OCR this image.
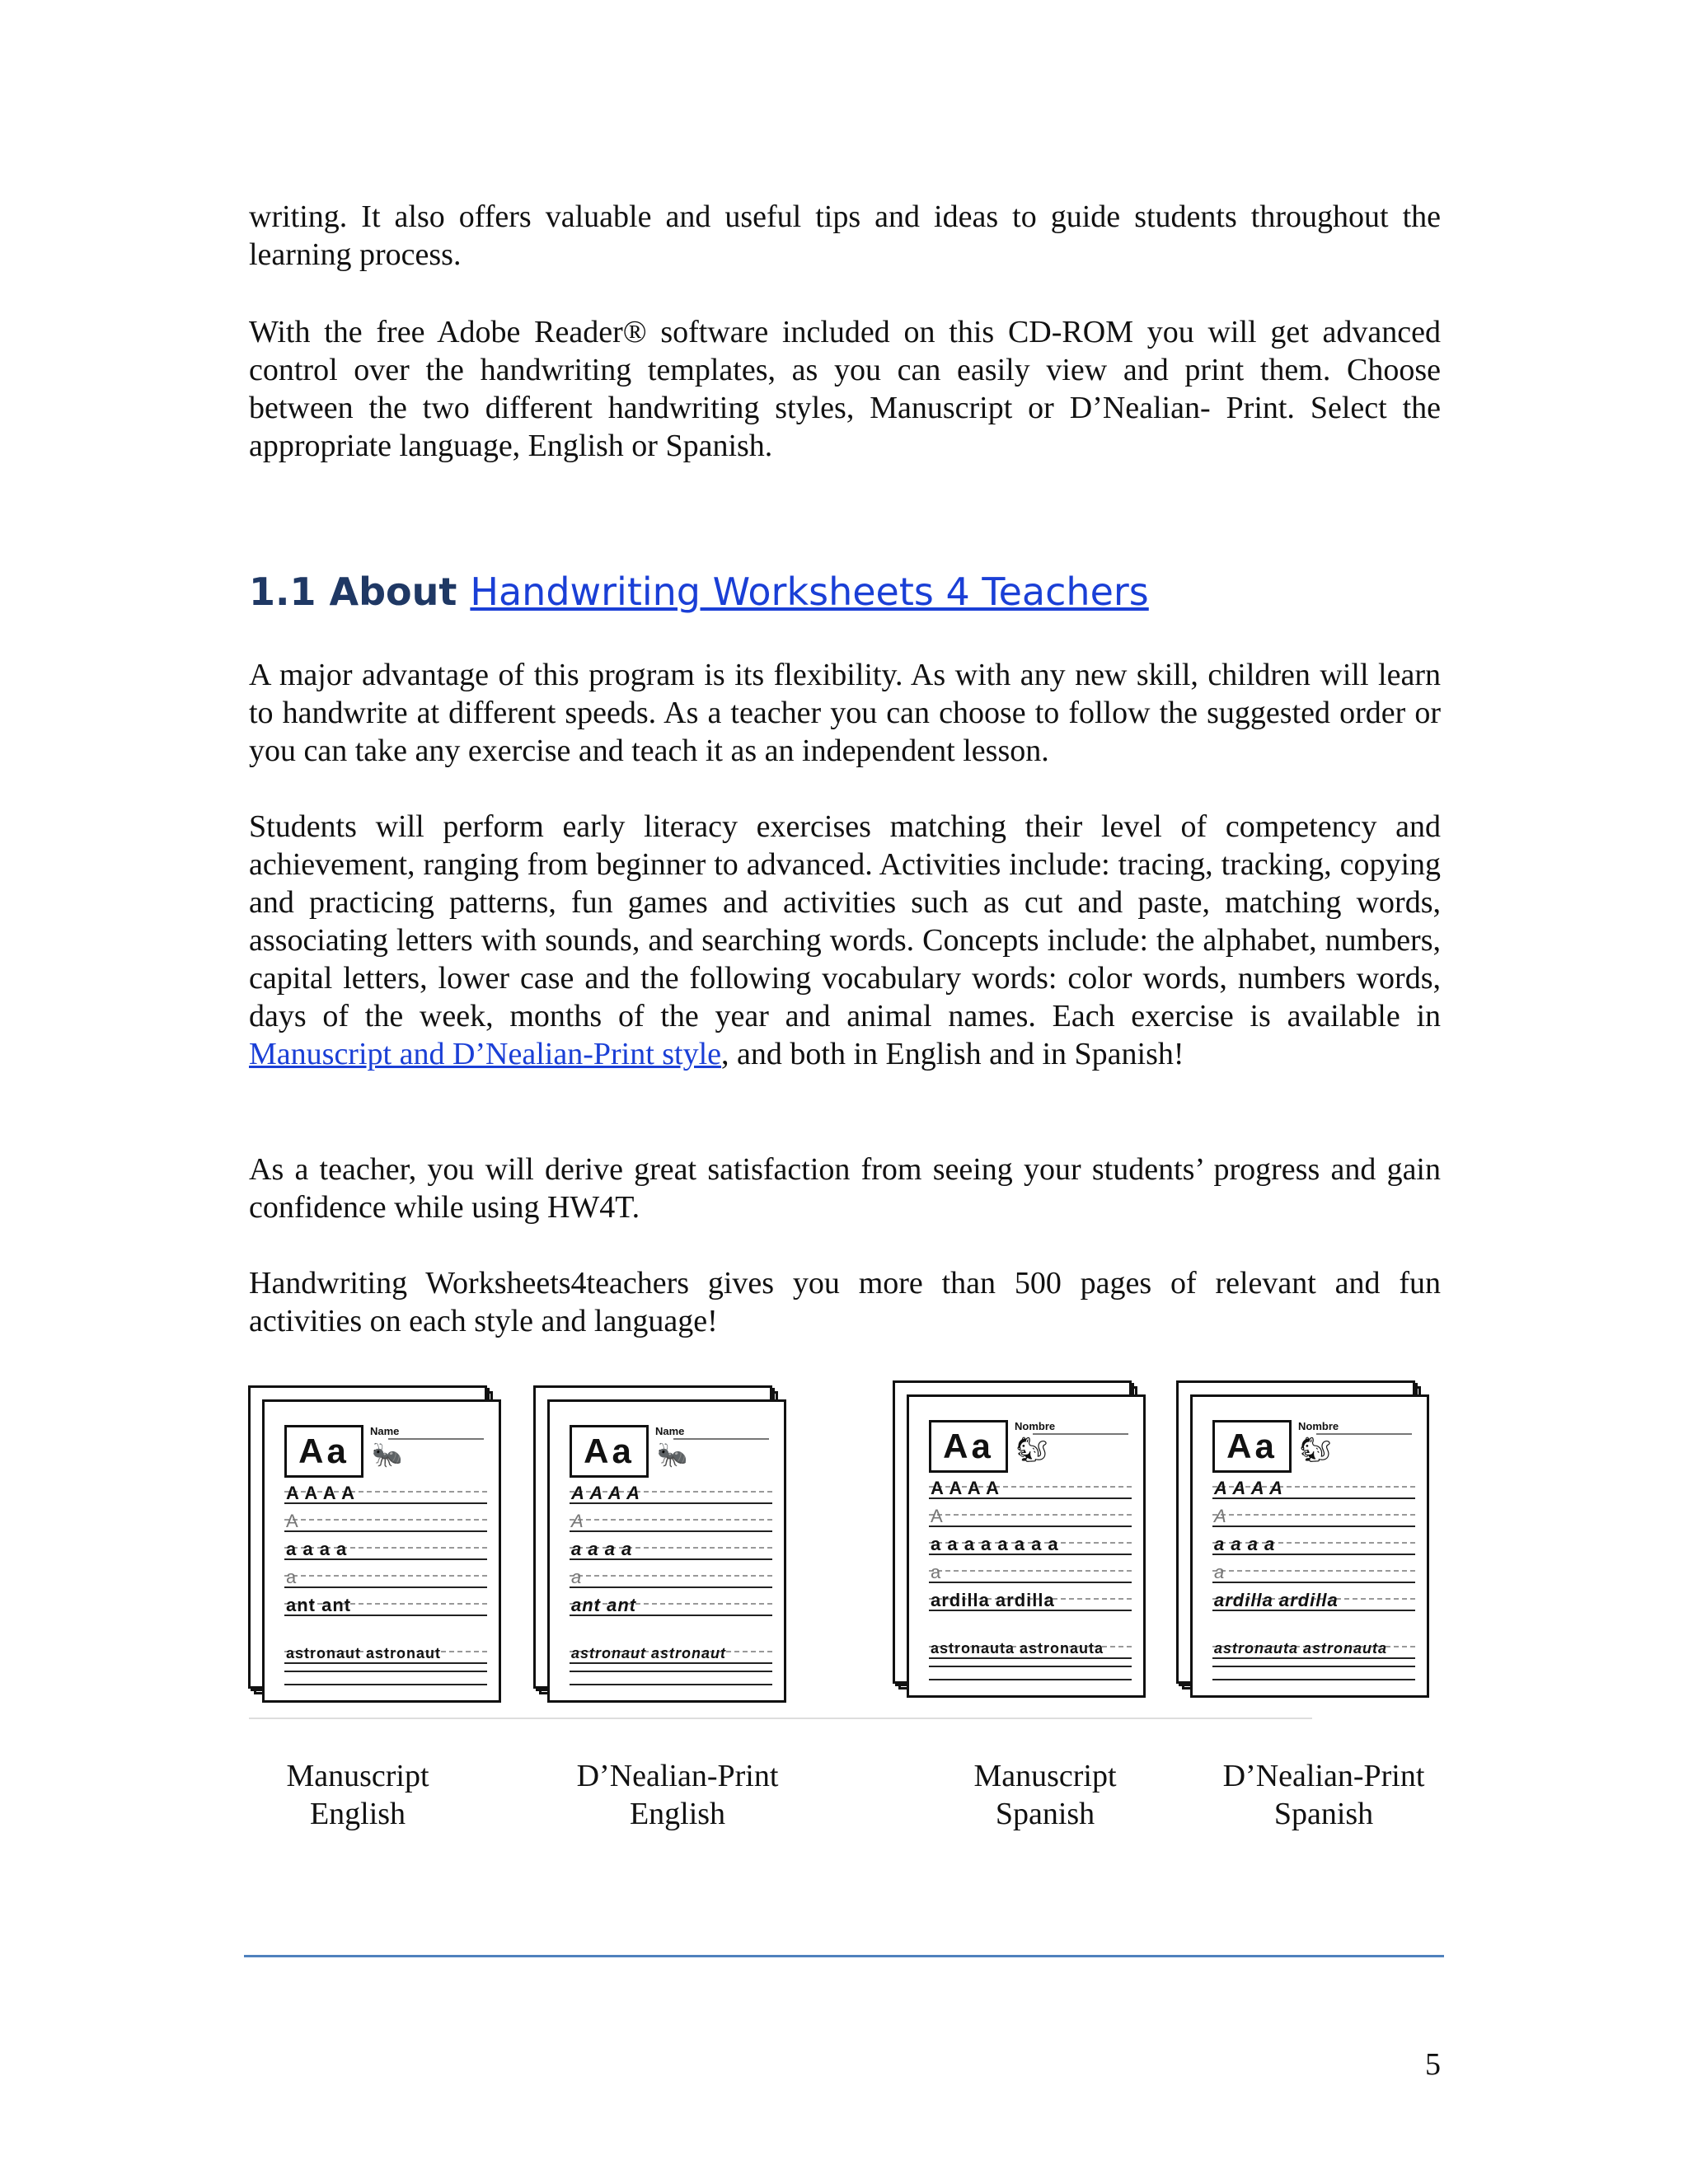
writing. It also offers valuable and useful tips and ideas to guide students throughout the learning process.

With the free Adobe Reader® software included on this CD-ROM you will get advanced control over the handwriting templates, as you can easily view and print them. Choose between the two different handwriting styles, Manuscript or D’Nealian- Print. Select the appropriate language, English or Spanish.

1.1 About Handwriting Worksheets 4 Teachers

A major advantage of this program is its flexibility. As with any new skill, children will learn to handwrite at different speeds. As a teacher you can choose to follow the suggested order or you can take any exercise and teach it as an independent lesson.

Students will perform early literacy exercises matching their level of competency and achievement, ranging from beginner to advanced. Activities include: tracing, tracking, copying and practicing patterns, fun games and activities such as cut and paste, matching words, associating letters with sounds, and searching words. Concepts include: the alphabet, numbers, capital letters, lower case and the following vocabulary words: color words, numbers words, days of the week, months of the year and animal names. Each exercise is available in Manuscript and D’Nealian-Print style, and both in English and in Spanish!

As a teacher, you will derive great satisfaction from seeing your students’ progress and gain confidence while using HW4T.

Handwriting Worksheets4teachers gives you more than 500 pages of relevant and fun activities on each style and language!

Aa
Name
🐜
A A A A
A
a a a a
a
ant ant
astronaut astronaut
Aa
Name
🐜
A A A A
A
a a a a
a
ant ant
astronaut astronaut
Aa
Nombre
🐿
A A A A
A
a a a a a a a a
a
ardilla ardilla
astronauta astronauta
Aa
Nombre
🐿
A A A A
A
a a a a
a
ardilla ardilla
astronauta astronauta
Manuscript
English
D’Nealian-Print
English
Manuscript
Spanish
D’Nealian-Print
Spanish
5
